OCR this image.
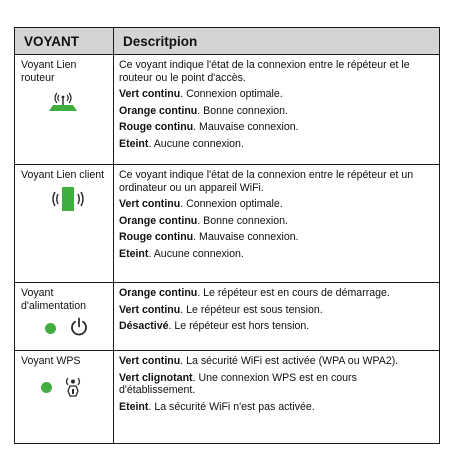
VOYANT	Descritpion

Voyant Lien routeur	Ce voyant indique l'état de la connexion entre le répéteur et le routeur ou le point d'accès.

Vert continu. Connexion optimale.

Orange continu. Bonne connexion.

Rouge continu. Mauvaise connexion.

Eteint. Aucune connexion.

Voyant Lien client	Ce voyant indique l'état de la connexion entre le répéteur et un ordinateur ou un appareil WiFi.

Vert continu. Connexion optimale.

Orange continu. Bonne connexion.

Rouge continu. Mauvaise connexion.

Eteint. Aucune connexion.

Voyant d'alimentation	Orange continu. Le répéteur est en cours de démarrage.

Vert continu. Le répéteur est sous tension.

Désactivé. Le répéteur est hors tension.

Voyant WPS	Vert continu. La sécurité WiFi est activée (WPA ou WPA2).

Vert clignotant. Une connexion WPS est en cours d'établissement.

Eteint. La sécurité WiFi n'est pas activée.
